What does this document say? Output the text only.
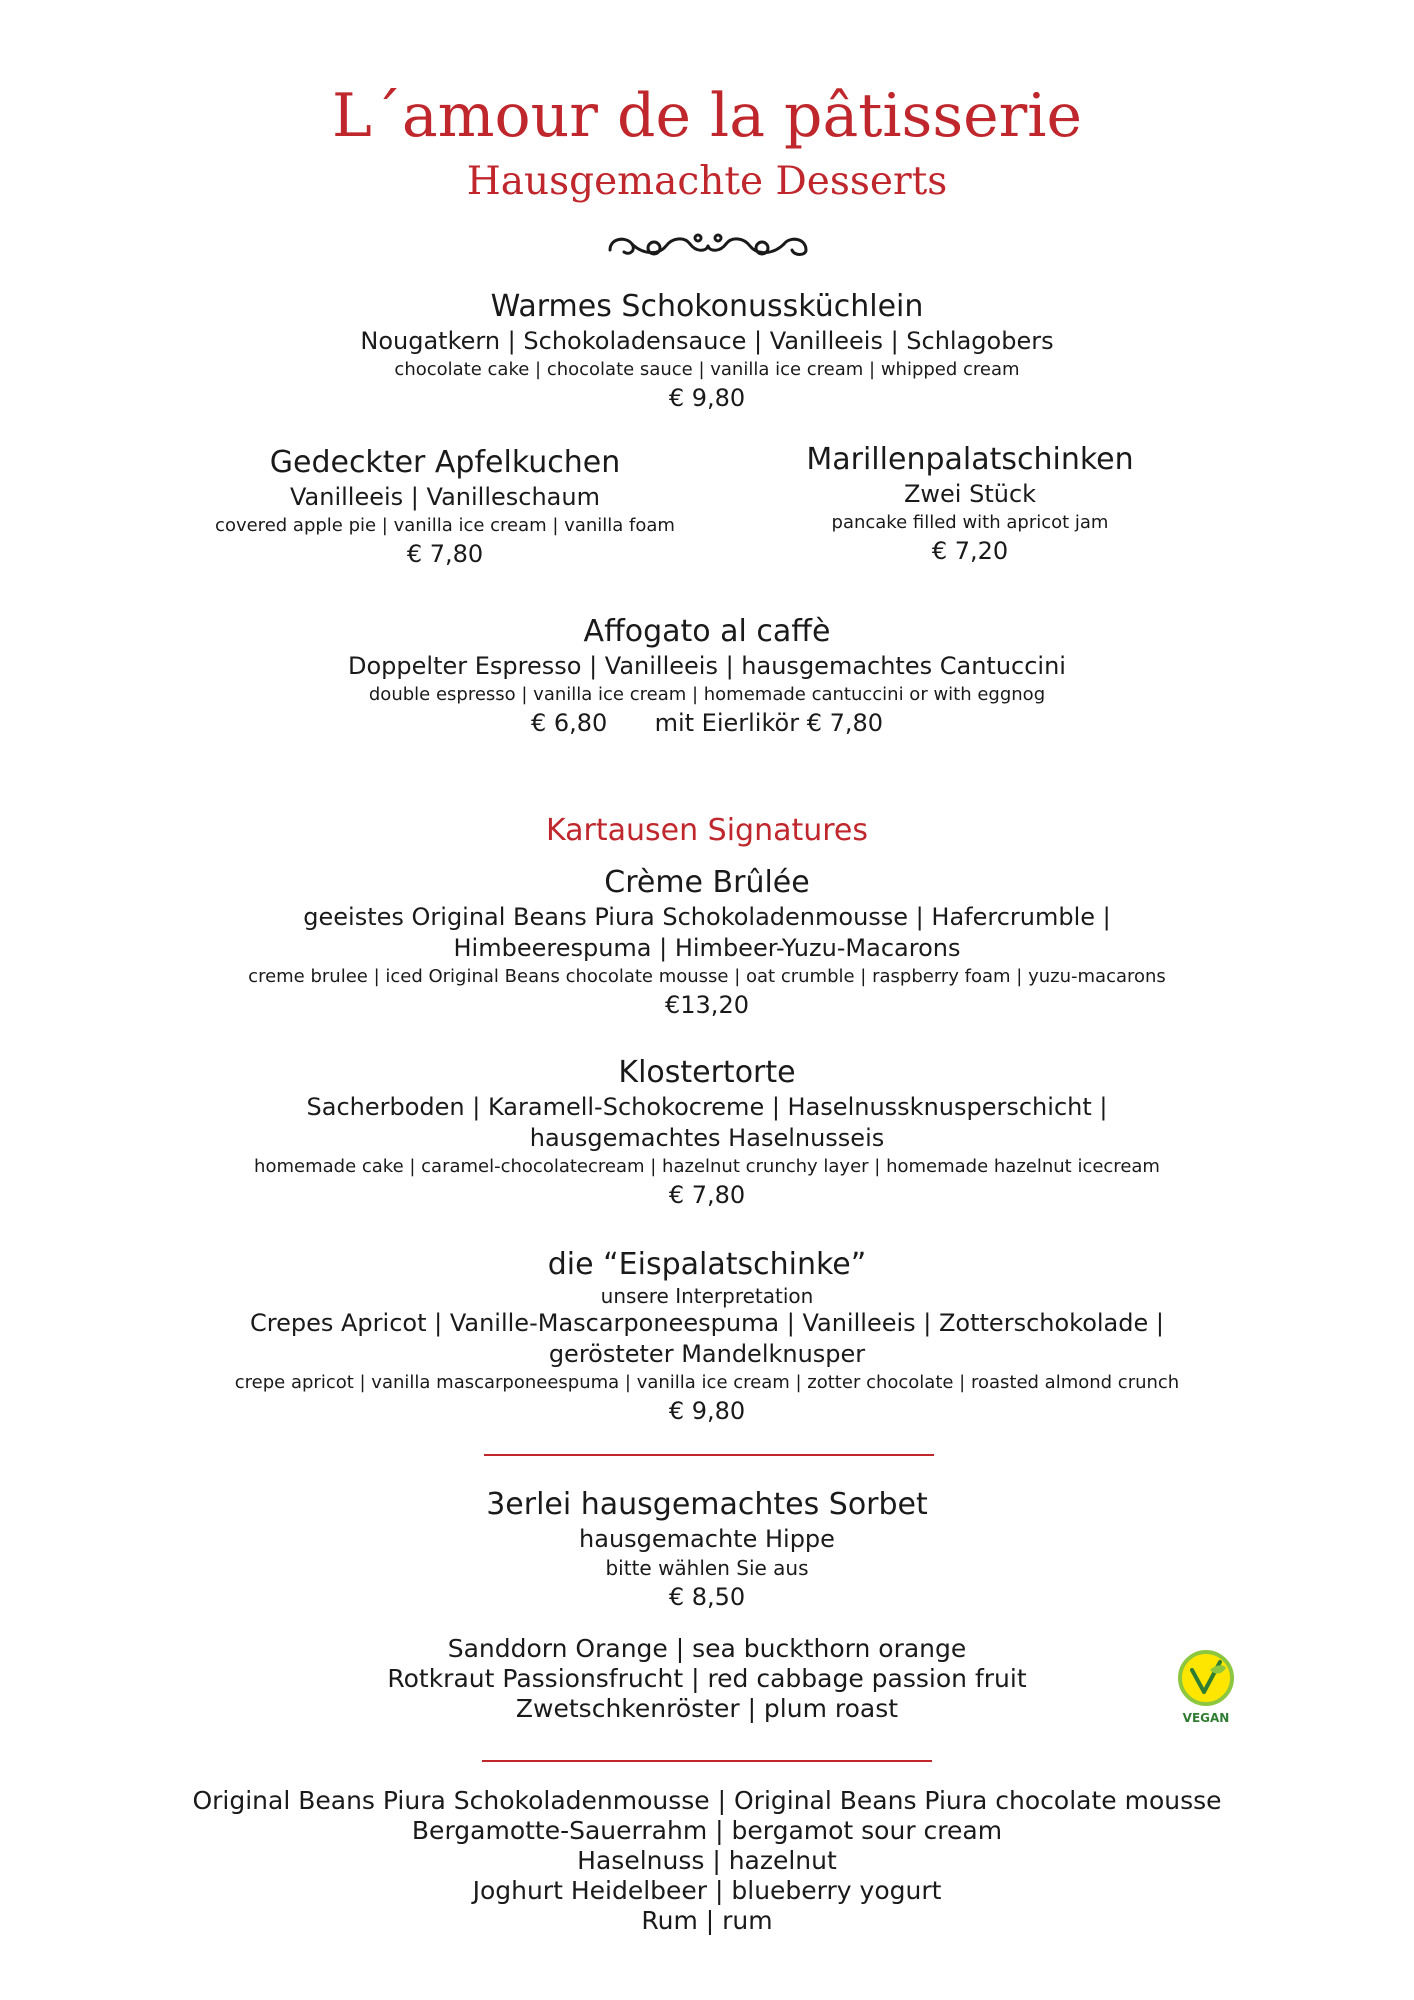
L´amour de la pâtisserie
Hausgemachte Desserts
Warmes Schokonussküchlein
Nougatkern | Schokoladensauce | Vanilleeis | Schlagobers
chocolate cake | chocolate sauce | vanilla ice cream | whipped cream
€ 9,80
Gedeckter Apfelkuchen
Vanilleeis | Vanilleschaum
covered apple pie | vanilla ice cream | vanilla foam
€ 7,80
Marillenpalatschinken
Zwei Stück
pancake filled with apricot jam
€ 7,20
Affogato al caffè
Doppelter Espresso | Vanilleeis | hausgemachtes Cantuccini
double espresso | vanilla ice cream | homemade cantuccini or with eggnog
€ 6,80 mit Eierlikör € 7,80
Kartausen Signatures
Crème Brûlée
geeistes Original Beans Piura Schokoladenmousse | Hafercrumble |
Himbeerespuma | Himbeer-Yuzu-Macarons
creme brulee | iced Original Beans chocolate mousse | oat crumble | raspberry foam | yuzu-macarons
€13,20
Klostertorte
Sacherboden | Karamell-Schokocreme | Haselnussknusperschicht |
hausgemachtes Haselnusseis
homemade cake | caramel-chocolatecream | hazelnut crunchy layer | homemade hazelnut icecream
€ 7,80
die “Eispalatschinke”
unsere Interpretation
Crepes Apricot | Vanille-Mascarponeespuma | Vanilleeis | Zotterschokolade |
gerösteter Mandelknusper
crepe apricot | vanilla mascarponeespuma | vanilla ice cream | zotter chocolate | roasted almond crunch
€ 9,80
3erlei hausgemachtes Sorbet
hausgemachte Hippe
bitte wählen Sie aus
€ 8,50
Sanddorn Orange | sea buckthorn orange
Rotkraut Passionsfrucht | red cabbage passion fruit
Zwetschkenröster | plum roast	VEGAN
Original Beans Piura Schokoladenmousse | Original Beans Piura chocolate mousse
Bergamotte-Sauerrahm | bergamot sour cream
Haselnuss | hazelnut
Joghurt Heidelbeer | blueberry yogurt
Rum | rum
